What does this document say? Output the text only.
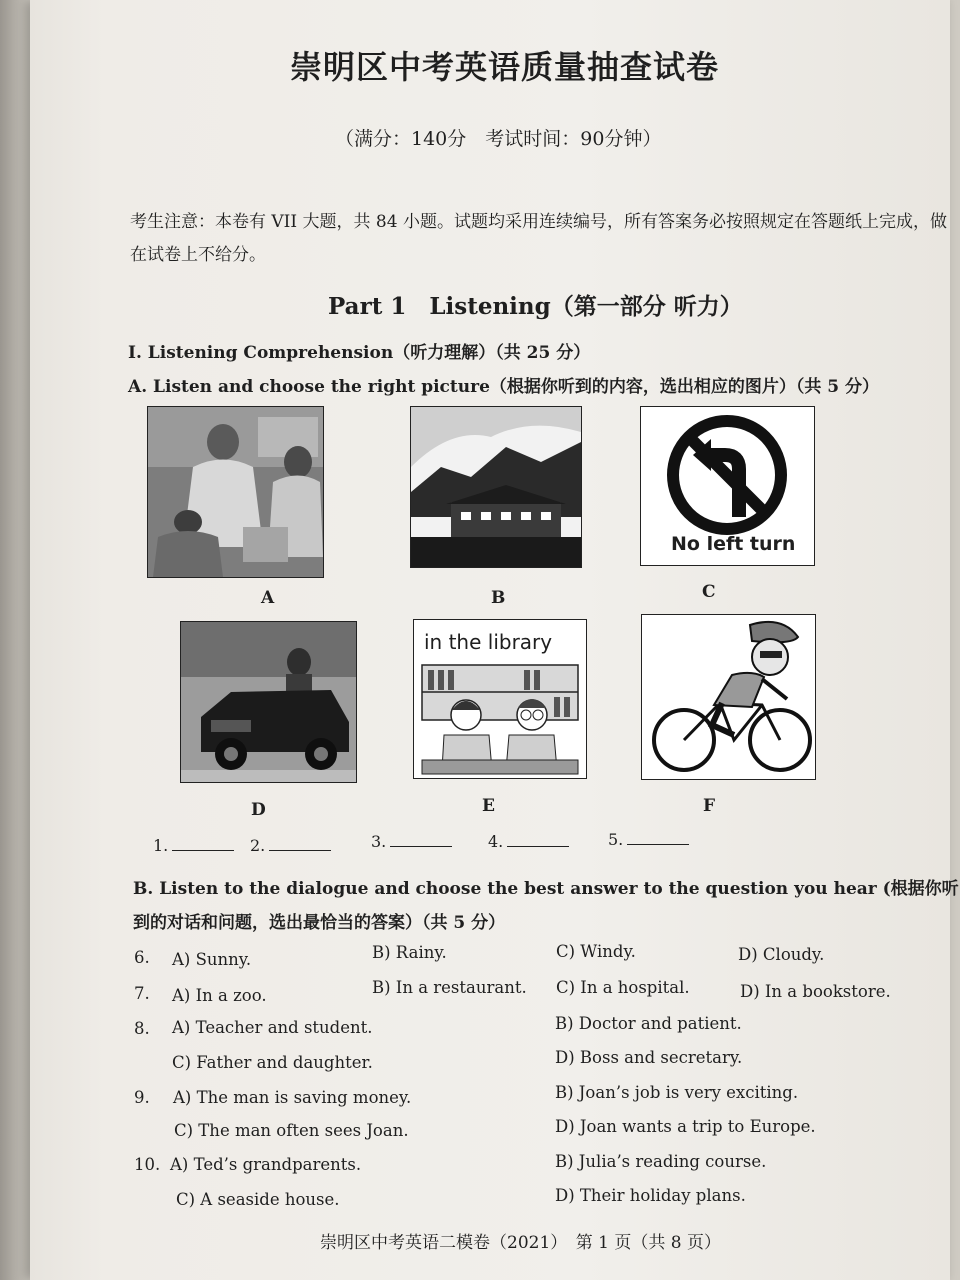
崇明区中考英语质量抽查试卷
（满分：140分　考试时间：90分钟）
考生注意：本卷有 VII 大题，共 84 小题。试题均采用连续编号，所有答案务必按照规定在答题纸上完成，做在试卷上不给分。
Part 1　Listening（第一部分 听力）
I. Listening Comprehension（听力理解）（共 25 分）
A. Listen and choose the right picture（根据你听到的内容，选出相应的图片）（共 5 分）
A	B
No left turn
C
D
in the library
E	F
1.	2.	3.	4.	5.
B. Listen to the dialogue and choose the best answer to the question you hear (根据你听到的对话和问题，选出最恰当的答案）（共 5 分）
6. A) Sunny.	B) Rainy.	C) Windy.	D) Cloudy.
7. A) In a zoo.	B) In a restaurant. C) In a hospital.	D) In a bookstore.
8. A) Teacher and student.	B) Doctor and patient.
C) Father and daughter.	D) Boss and secretary.
9. A) The man is saving money.	B) Joan’s job is very exciting.
C) The man often sees Joan.	D) Joan wants a trip to Europe.
10. A) Ted’s grandparents.	B) Julia’s reading course.
C) A seaside house.	D) Their holiday plans.
崇明区中考英语二模卷（2021）　第 1 页（共 8 页）
